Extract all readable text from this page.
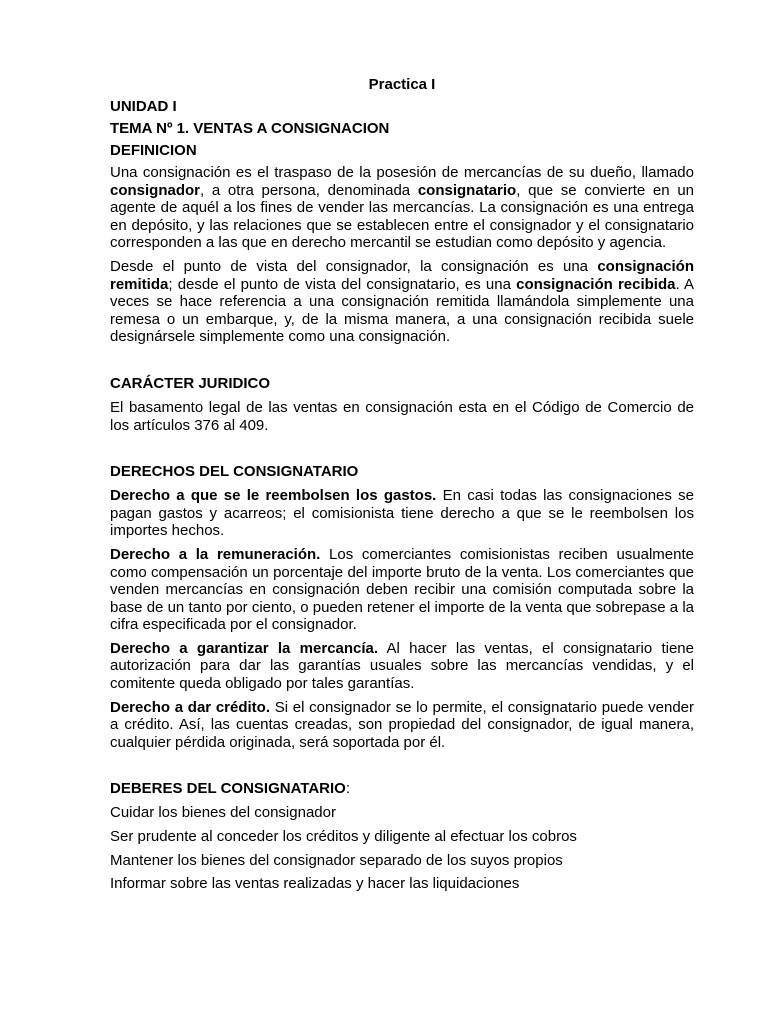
Practica I
UNIDAD I
TEMA Nº 1. VENTAS A CONSIGNACION
DEFINICION

Una consignación es el traspaso de la posesión de mercancías de su dueño, llamado consignador, a otra persona, denominada consignatario, que se convierte en un agente de aquél a los fines de vender las mercancías. La consignación es una entrega en depósito, y las relaciones que se establecen entre el consignador y el consignatario corresponden a las que en derecho mercantil se estudian como depósito y agencia.

Desde el punto de vista del consignador, la consignación es una consignación remitida; desde el punto de vista del consignatario, es una consignación recibida. A veces se hace referencia a una consignación remitida llamándola simplemente una remesa o un embarque, y, de la misma manera, a una consignación recibida suele designársele simplemente como una consignación.

CARÁCTER JURIDICO

El basamento legal de las ventas en consignación esta en el Código de Comercio de los artículos 376 al 409.

DERECHOS DEL CONSIGNATARIO

Derecho a que se le reembolsen los gastos. En casi todas las consignaciones se pagan gastos y acarreos; el comisionista tiene derecho a que se le reembolsen los importes hechos.

Derecho a la remuneración. Los comerciantes comisionistas reciben usualmente como compensación un porcentaje del importe bruto de la venta. Los comerciantes que venden mercancías en consignación deben recibir una comisión computada sobre la base de un tanto por ciento, o pueden retener el importe de la venta que sobrepase a la cifra especificada por el consignador.

Derecho a garantizar la mercancía. Al hacer las ventas, el consignatario tiene autorización para dar las garantías usuales sobre las mercancías vendidas, y el comitente queda obligado por tales garantías.

Derecho a dar crédito. Si el consignador se lo permite, el consignatario puede vender a crédito. Así, las cuentas creadas, son propiedad del consignador, de igual manera, cualquier pérdida originada, será soportada por él.

DEBERES DEL CONSIGNATARIO:
Cuidar los bienes del consignador
Ser prudente al conceder los créditos y diligente al efectuar los cobros
Mantener los bienes del consignador separado de los suyos propios
Informar sobre las ventas realizadas y hacer las liquidaciones
